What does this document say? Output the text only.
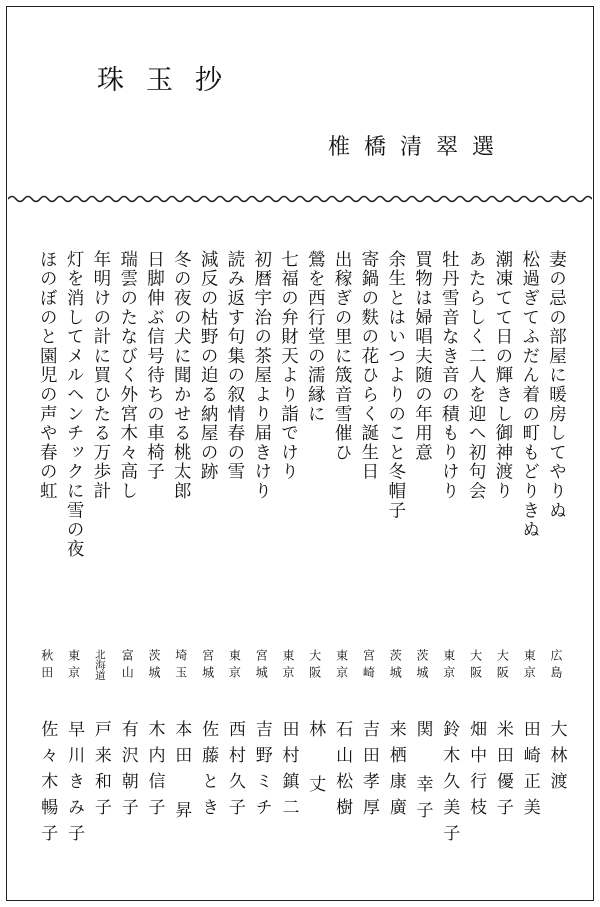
珠玉抄
椎橋清翠選
妻の忌の部屋に暖房してやりぬ
広島
大林渡
松過ぎてふだん着の町もどりきぬ
東京
田崎正美
潮凍てて日の輝きし御神渡り
大阪
米田優子
あたらしく二人を迎へ初句会
大阪
畑中行枝
牡丹雪音なき音の積もりけり
東京
鈴木久美子
買物は婦唱夫随の年用意
茨城
関 幸子
余生とはいつよりのこと冬帽子
茨城
来栖康廣
寄鍋の麩の花ひらく誕生日
宮崎
吉田孝厚
出稼ぎの里に筬音雪催ひ
東京
石山松樹
鶯を西行堂の濡縁に
大阪
林 丈
七福の弁財天より詣でけり
東京
田村鎮二
初暦宇治の茶屋より届きけり
宮城
吉野ミチ
読み返す句集の叙情春の雪
東京
西村久子
減反の枯野の迫る納屋の跡
宮城
佐藤とき
冬の夜の犬に聞かせる桃太郎
埼玉
本田 昇
日脚伸ぶ信号待ちの車椅子
茨城
木内信子
瑞雲のたなびく外宮木々高し
富山
有沢朝子
年明けの計に買ひたる万歩計
北海道
戸来和子
灯を消してメルヘンチックに雪の夜
東京
早川きみ子
ほのぼのと園児の声や春の虹
秋田
佐々木暢子
